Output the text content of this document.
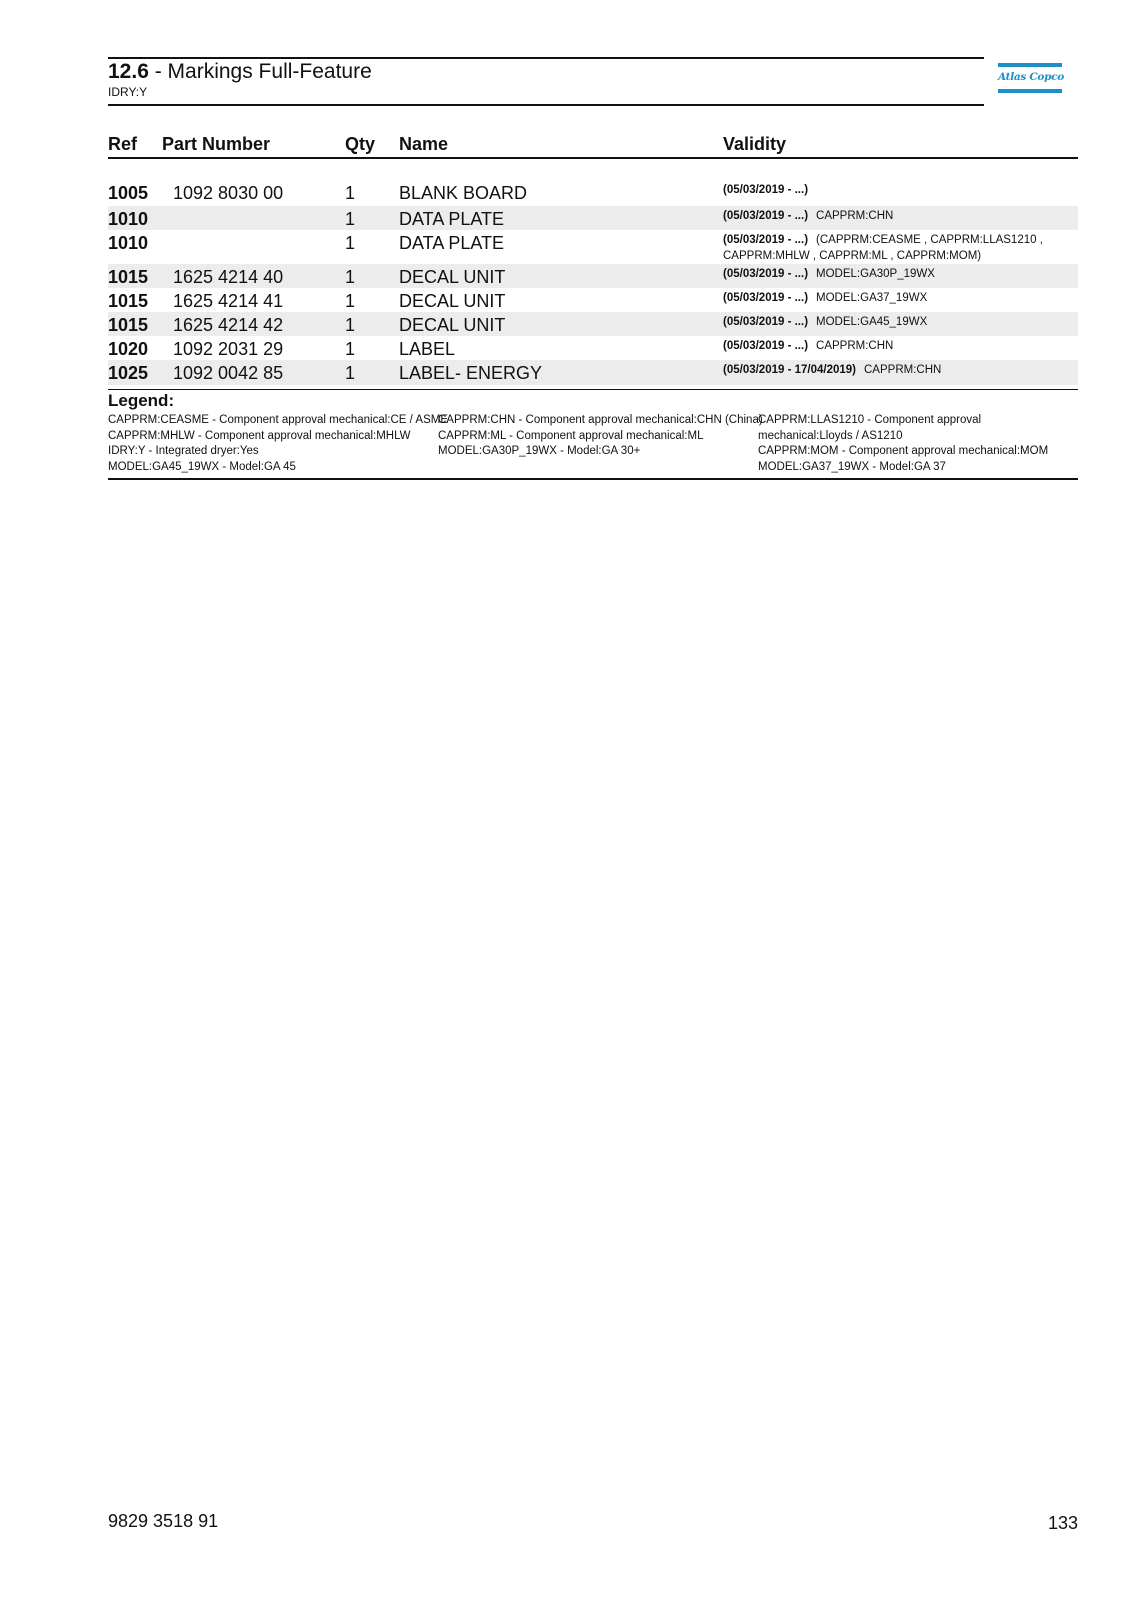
12.6 - Markings Full-Feature
IDRY:Y
Atlas Copco
Ref Part Number	Qty Name	Validity
1005 1092 8030 00	1 BLANK BOARD	(05/03/2019 - ...)
1010	1 DATA PLATE	(05/03/2019 - ...) CAPPRM:CHN
1010	1 DATA PLATE	(05/03/2019 - ...) (CAPPRM:CEASME , CAPPRM:LLAS1210 , CAPPRM:MHLW , CAPPRM:ML , CAPPRM:MOM)
1015 1625 4214 40	1 DECAL UNIT	(05/03/2019 - ...) MODEL:GA30P_19WX
1015 1625 4214 41	1 DECAL UNIT	(05/03/2019 - ...) MODEL:GA37_19WX
1015 1625 4214 42	1 DECAL UNIT	(05/03/2019 - ...) MODEL:GA45_19WX
1020 1092 2031 29	1 LABEL	(05/03/2019 - ...) CAPPRM:CHN
1025 1092 0042 85	1 LABEL- ENERGY	(05/03/2019 - 17/04/2019) CAPPRM:CHN
Legend:
CAPPRM:CEASME - Component approval mechanical:CE / ASME
CAPPRM:MHLW - Component approval mechanical:MHLW
IDRY:Y - Integrated dryer:Yes
MODEL:GA45_19WX - Model:GA 45
CAPPRM:CHN - Component approval mechanical:CHN (China)
CAPPRM:ML - Component approval mechanical:ML
MODEL:GA30P_19WX - Model:GA 30+
CAPPRM:LLAS1210 - Component approval mechanical:Lloyds / AS1210
CAPPRM:MOM - Component approval mechanical:MOM
MODEL:GA37_19WX - Model:GA 37
9829 3518 91	133
